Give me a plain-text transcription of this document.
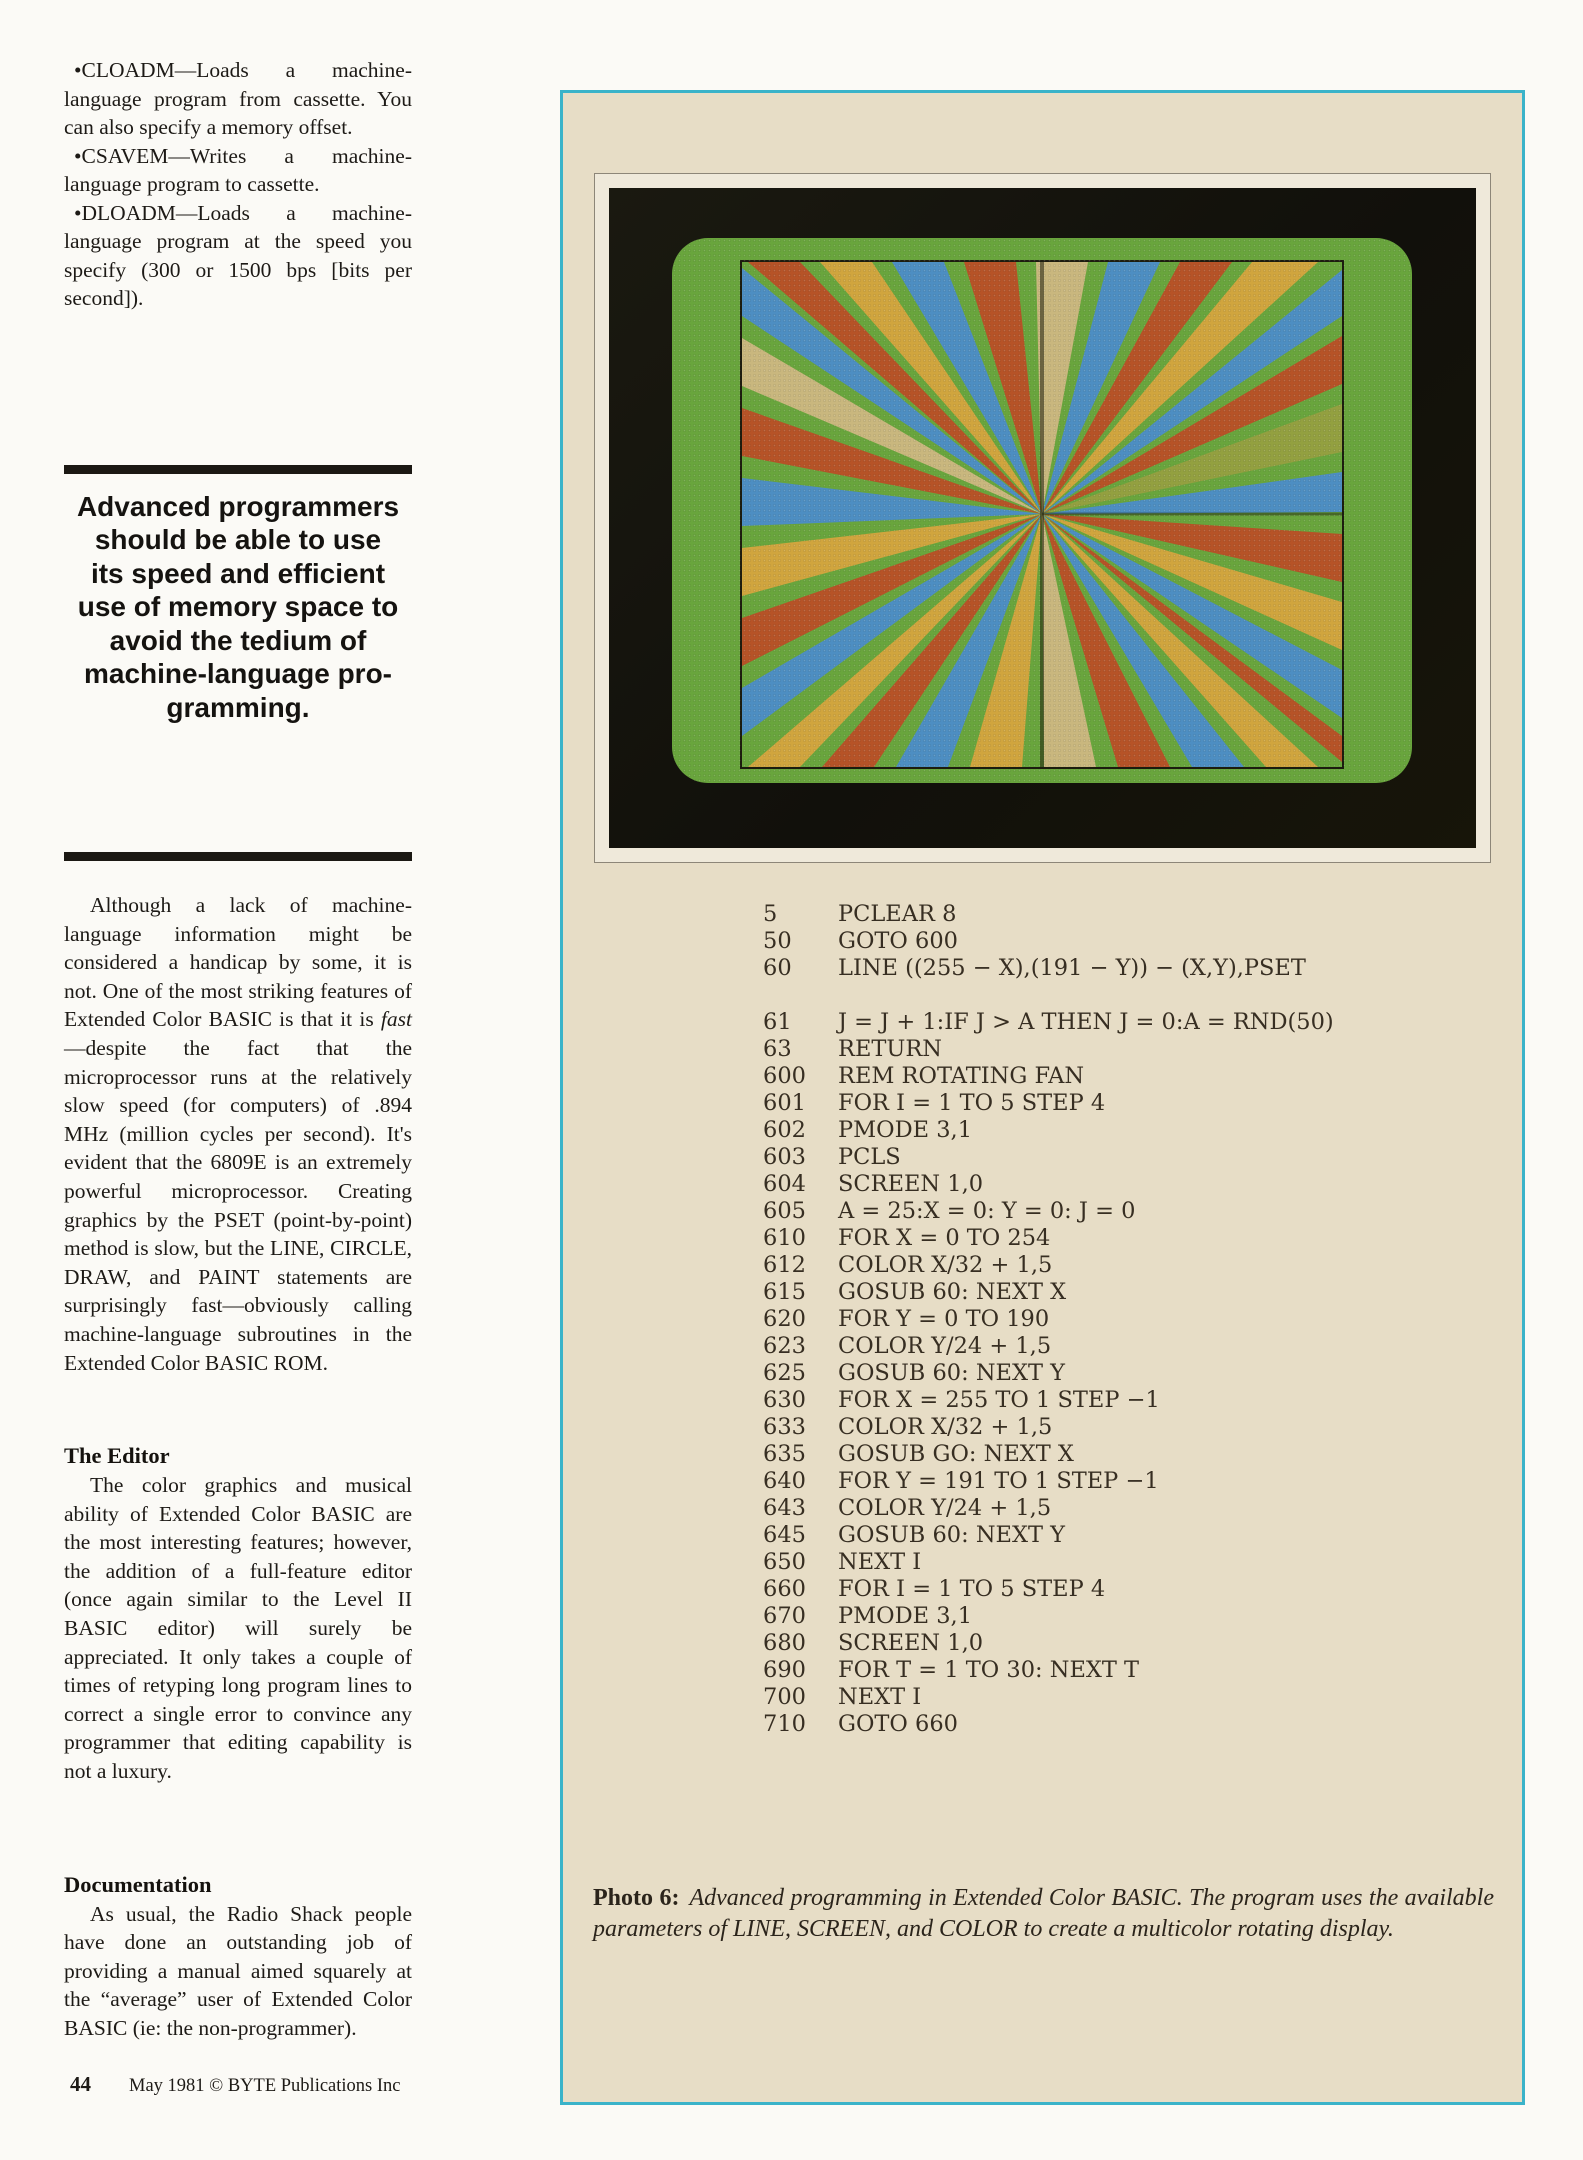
•CLOADM—Loads a machine-language program from cassette. You can also specify a memory offset.
•CSAVEM—Writes a machine-language program to cassette.
•DLOADM—Loads a machine-language program at the speed you specify (300 or 1500 bps [bits per second]).
Advanced programmers
should be able to use
its speed and efficient
use of memory space to
avoid the tedium of
machine-language pro-
gramming.

Although a lack of machine-language information might be considered a handicap by some, it is not. One of the most striking features of Extended Color BASIC is that it is fast—despite the fact that the microprocessor runs at the relatively slow speed (for computers) of .894 MHz (million cycles per second). It's evident that the 6809E is an extremely powerful microprocessor. Creating graphics by the PSET (point-by-point) method is slow, but the LINE, CIRCLE, DRAW, and PAINT statements are surprisingly fast—obviously calling machine-language subroutines in the Extended Color BASIC ROM.

The Editor

The color graphics and musical ability of Extended Color BASIC are the most interesting features; however, the addition of a full-feature editor (once again similar to the Level II BASIC editor) will surely be appreciated. It only takes a couple of times of retyping long program lines to correct a single error to convince any programmer that editing capability is not a luxury.

Documentation

As usual, the Radio Shack people have done an outstanding job of providing a manual aimed squarely at the “average” user of Extended Color BASIC (ie: the non-programmer).

44 May 1981 © BYTE Publications Inc
5	PCLEAR 8
50 GOTO 600
60 LINE ((255 − X),(191 − Y)) − (X,Y),PSET
61 J = J + 1:IF J > A THEN J = 0:A = RND(50)
63 RETURN
600 REM ROTATING FAN
601 FOR I = 1 TO 5 STEP 4
602 PMODE 3,1
603 PCLS
604 SCREEN 1,0
605 A = 25:X = 0: Y = 0: J = 0
610 FOR X = 0 TO 254
612 COLOR X/32 + 1,5
615 GOSUB 60: NEXT X
620 FOR Y = 0 TO 190
623 COLOR Y/24 + 1,5
625 GOSUB 60: NEXT Y
630 FOR X = 255 TO 1 STEP −1
633 COLOR X/32 + 1,5
635 GOSUB GO: NEXT X
640 FOR Y = 191 TO 1 STEP −1
643 COLOR Y/24 + 1,5
645 GOSUB 60: NEXT Y
650 NEXT I
660 FOR I = 1 TO 5 STEP 4
670 PMODE 3,1
680 SCREEN 1,0
690 FOR T = 1 TO 30: NEXT T
700 NEXT I
710 GOTO 660
Photo 6: Advanced programming in Extended Color BASIC. The program uses the available parameters of LINE, SCREEN, and COLOR to create a multicolor rotating display.
